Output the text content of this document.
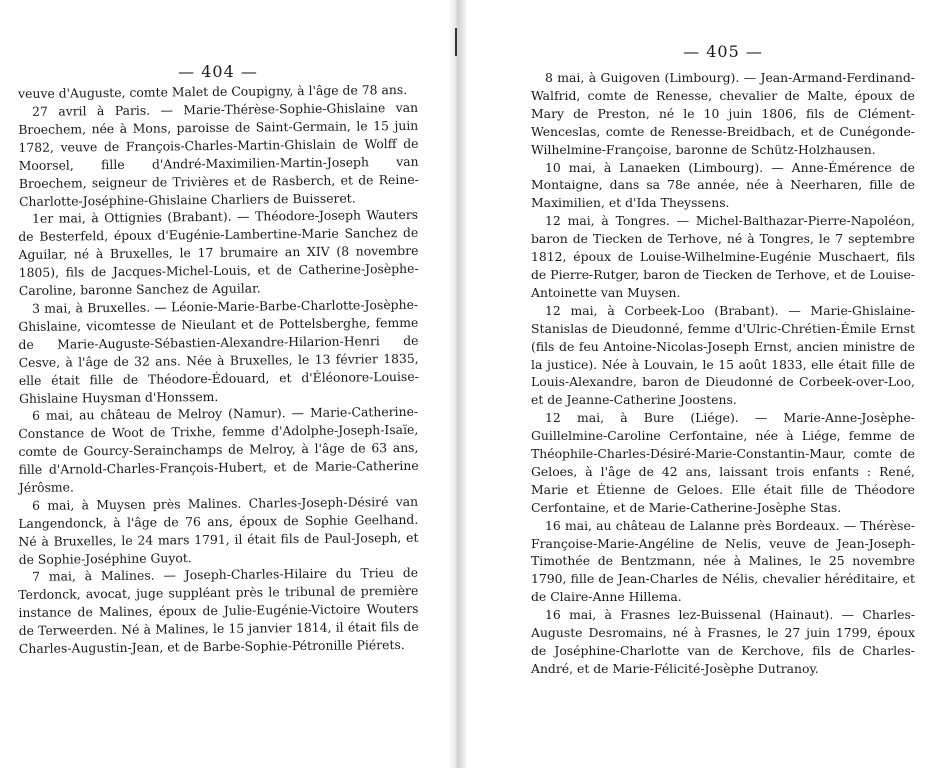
— 404 —

veuve d'Auguste, comte Malet de Coupigny, à l'âge de 78 ans.

27 avril à Paris. — Marie-Thérèse-Sophie-Ghislaine van Broechem, née à Mons, paroisse de Saint-Germain, le 15 juin 1782, veuve de François-Charles-Martin-Ghislain de Wolff de Moorsel, fille d'André-Maximilien-Martin-Joseph van Broechem, seigneur de Trivières et de Rasberch, et de Reine-Charlotte-Joséphine-Ghislaine Charliers de Buisseret.

1er mai, à Ottignies (Brabant). — Théodore-Joseph Wauters de Besterfeld, époux d'Eugénie-Lambertine-Marie Sanchez de Aguilar, né à Bruxelles, le 17 brumaire an XIV (8 novembre 1805), fils de Jacques-Michel-Louis, et de Catherine-Josèphe-Caroline, baronne Sanchez de Aguilar.

3 mai, à Bruxelles. — Léonie-Marie-Barbe-Charlotte-Josèphe-Ghislaine, vicomtesse de Nieulant et de Pottelsberghe, femme de Marie-Auguste-Sébastien-Alexandre-Hilarion-Henri de Cesve, à l'âge de 32 ans. Née à Bruxelles, le 13 février 1835, elle était fille de Théodore-Édouard, et d'Éléonore-Louise-Ghislaine Huysman d'Honssem.

6 mai, au château de Melroy (Namur). — Marie-Catherine-Constance de Woot de Trixhe, femme d'Adolphe-Joseph-Isaïe, comte de Gourcy-Serainchamps de Melroy, à l'âge de 63 ans, fille d'Arnold-Charles-François-Hubert, et de Marie-Catherine Jérôsme.

6 mai, à Muysen près Malines. Charles-Joseph-Désiré van Langendonck, à l'âge de 76 ans, époux de Sophie Geelhand. Né à Bruxelles, le 24 mars 1791, il était fils de Paul-Joseph, et de Sophie-Joséphine Guyot.

7 mai, à Malines. — Joseph-Charles-Hilaire du Trieu de Terdonck, avocat, juge suppléant près le tribunal de première instance de Malines, époux de Julie-Eugénie-Victoire Wouters de Terweerden. Né à Malines, le 15 janvier 1814, il était fils de Charles-Augustin-Jean, et de Barbe-Sophie-Pétronille Piérets.

— 405 —

8 mai, à Guigoven (Limbourg). — Jean-Armand-Ferdinand-Walfrid, comte de Renesse, chevalier de Malte, époux de Mary de Preston, né le 10 juin 1806, fils de Clément-Wenceslas, comte de Renesse-Breidbach, et de Cunégonde-Wilhelmine-Françoise, baronne de Schütz-Holzhausen.

10 mai, à Lanaeken (Limbourg). — Anne-Émérence de Montaigne, dans sa 78e année, née à Neerharen, fille de Maximilien, et d'Ida Theyssens.

12 mai, à Tongres. — Michel-Balthazar-Pierre-Napoléon, baron de Tiecken de Terhove, né à Tongres, le 7 septembre 1812, époux de Louise-Wilhelmine-Eugénie Muschaert, fils de Pierre-Rutger, baron de Tiecken de Terhove, et de Louise-Antoinette van Muysen.

12 mai, à Corbeek-Loo (Brabant). — Marie-Ghislaine-Stanislas de Dieudonné, femme d'Ulric-Chrétien-Émile Ernst (fils de feu Antoine-Nicolas-Joseph Ernst, ancien ministre de la justice). Née à Louvain, le 15 août 1833, elle était fille de Louis-Alexandre, baron de Dieudonné de Corbeek-over-Loo, et de Jeanne-Catherine Joostens.

12 mai, à Bure (Liége). — Marie-Anne-Josèphe-Guillelmine-Caroline Cerfontaine, née à Liége, femme de Théophile-Charles-Désiré-Marie-Constantin-Maur, comte de Geloes, à l'âge de 42 ans, laissant trois enfants : René, Marie et Étienne de Geloes. Elle était fille de Théodore Cerfontaine, et de Marie-Catherine-Josèphe Stas.

16 mai, au château de Lalanne près Bordeaux. — Thérèse-Françoise-Marie-Angéline de Nelis, veuve de Jean-Joseph-Timothée de Bentzmann, née à Malines, le 25 novembre 1790, fille de Jean-Charles de Nélis, chevalier héréditaire, et de Claire-Anne Hillema.

16 mai, à Frasnes lez-Buissenal (Hainaut). — Charles-Auguste Desromains, né à Frasnes, le 27 juin 1799, époux de Joséphine-Charlotte van de Kerchove, fils de Charles-André, et de Marie-Félicité-Josèphe Dutranoy.
